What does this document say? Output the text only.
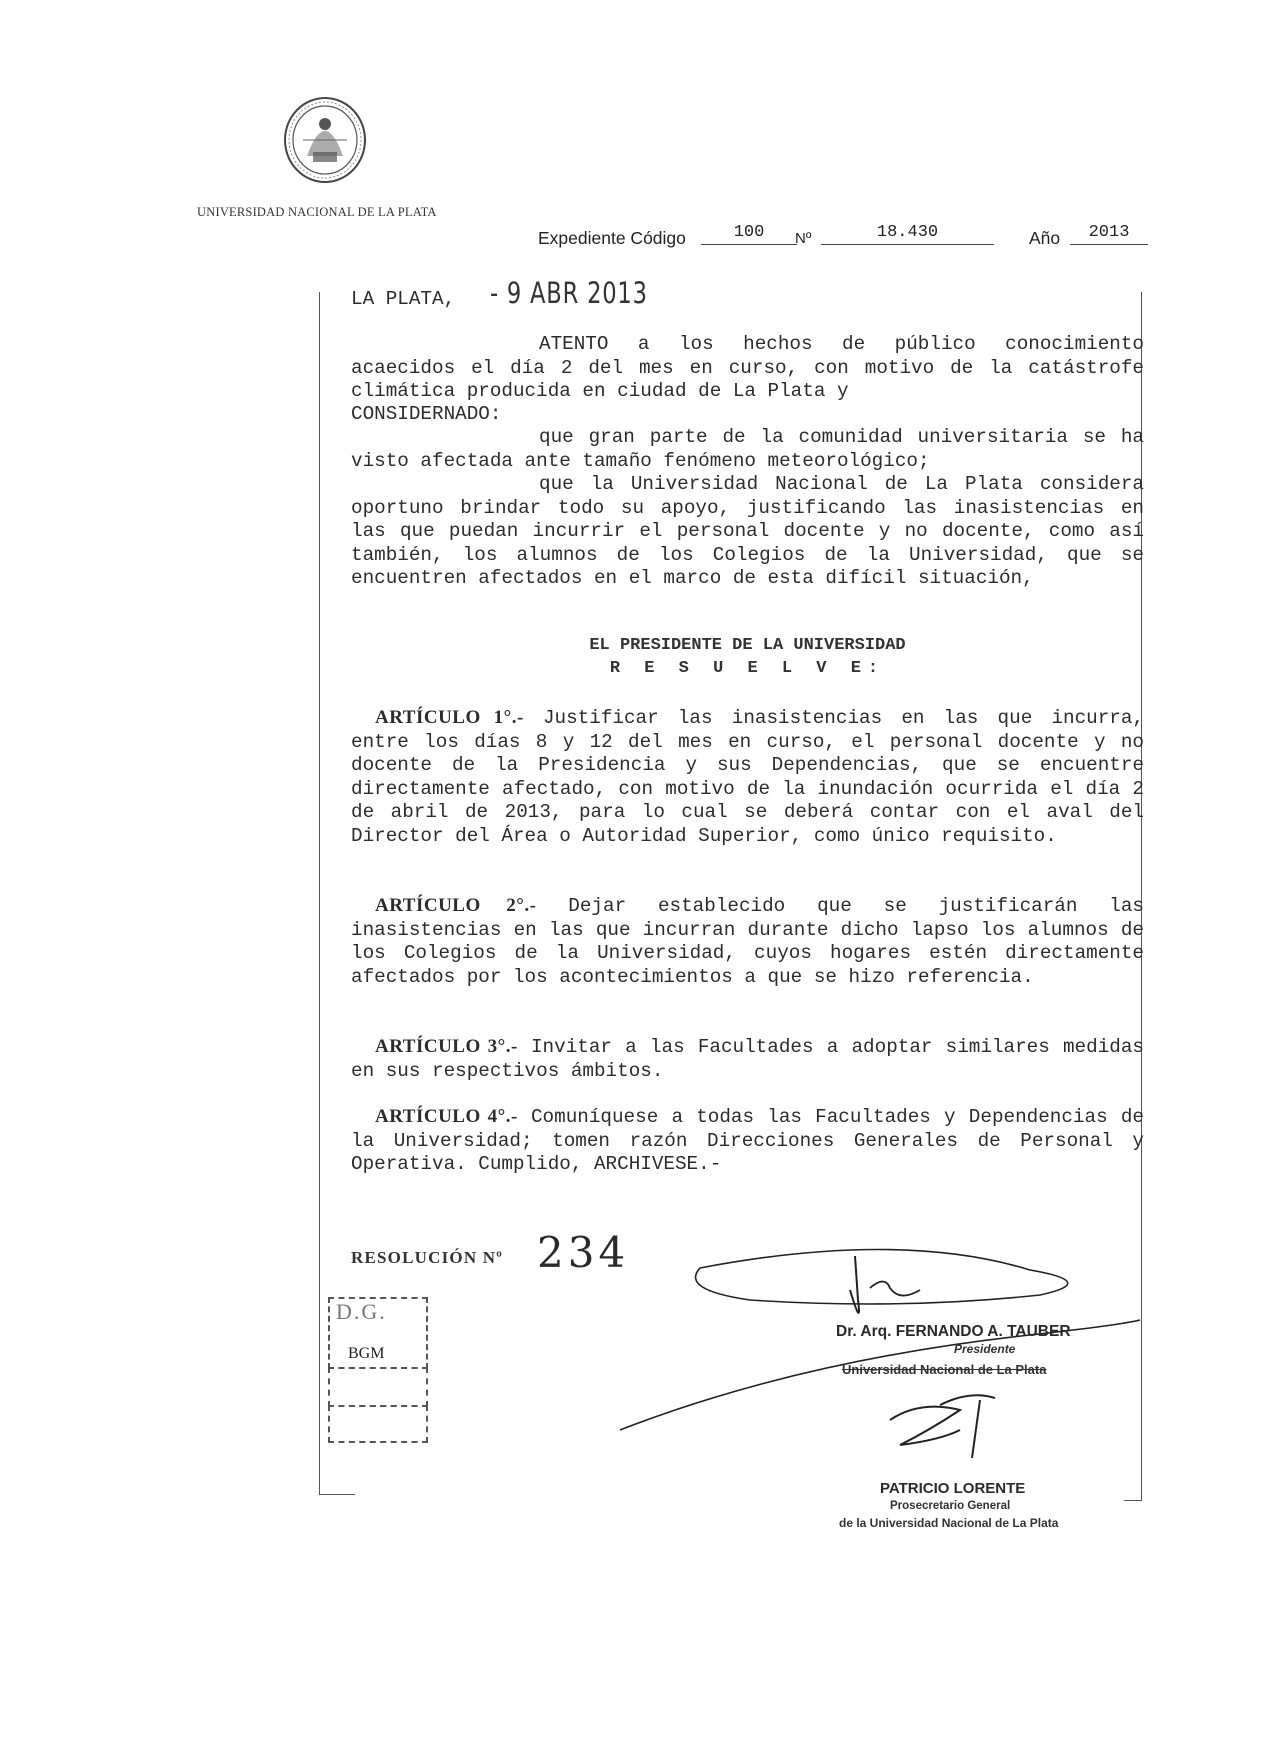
UNIVERSIDAD NACIONAL DE LA PLATA
Expediente Código	100	Nº	18.430	Año	2013
LA PLATA, - 9 ABR 2013

ATENTO a los hechos de público conocimiento acaecidos el día 2 del mes en curso, con motivo de la catástrofe climática producida en ciudad de La Plata y

CONSIDERNADO:

que gran parte de la comunidad universitaria se ha visto afectada ante tamaño fenómeno meteorológico;

que la Universidad Nacional de La Plata considera oportuno brindar todo su apoyo, justificando las inasistencias en las que puedan incurrir el personal docente y no docente, como así también, los alumnos de los Colegios de la Universidad, que se encuentren afectados en el marco de esta difícil situación,

EL PRESIDENTE DE LA UNIVERSIDAD
R E S U E L V E:

ARTÍCULO 1°.- Justificar las inasistencias en las que incurra, entre los días 8 y 12 del mes en curso, el personal docente y no docente de la Presidencia y sus Dependencias, que se encuentre directamente afectado, con motivo de la inundación ocurrida el día 2 de abril de 2013, para lo cual se deberá contar con el aval del Director del Área o Autoridad Superior, como único requisito.

ARTÍCULO 2°.- Dejar establecido que se justificarán las inasistencias en las que incurran durante dicho lapso los alumnos de los Colegios de la Universidad, cuyos hogares estén directamente afectados por los acontecimientos a que se hizo referencia.

ARTÍCULO 3°.- Invitar a las Facultades a adoptar similares medidas en sus respectivos ámbitos.

ARTÍCULO 4°.- Comuníquese a todas las Facultades y Dependencias de la Universidad; tomen razón Direcciones Generales de Personal y Operativa. Cumplido, ARCHIVESE.-

RESOLUCIÓN Nº 234
D.G.
BGM
Dr. Arq. FERNANDO A. TAUBER
Presidente
Universidad Nacional de La Plata
PATRICIO LORENTE
Prosecretario General
de la Universidad Nacional de La Plata
